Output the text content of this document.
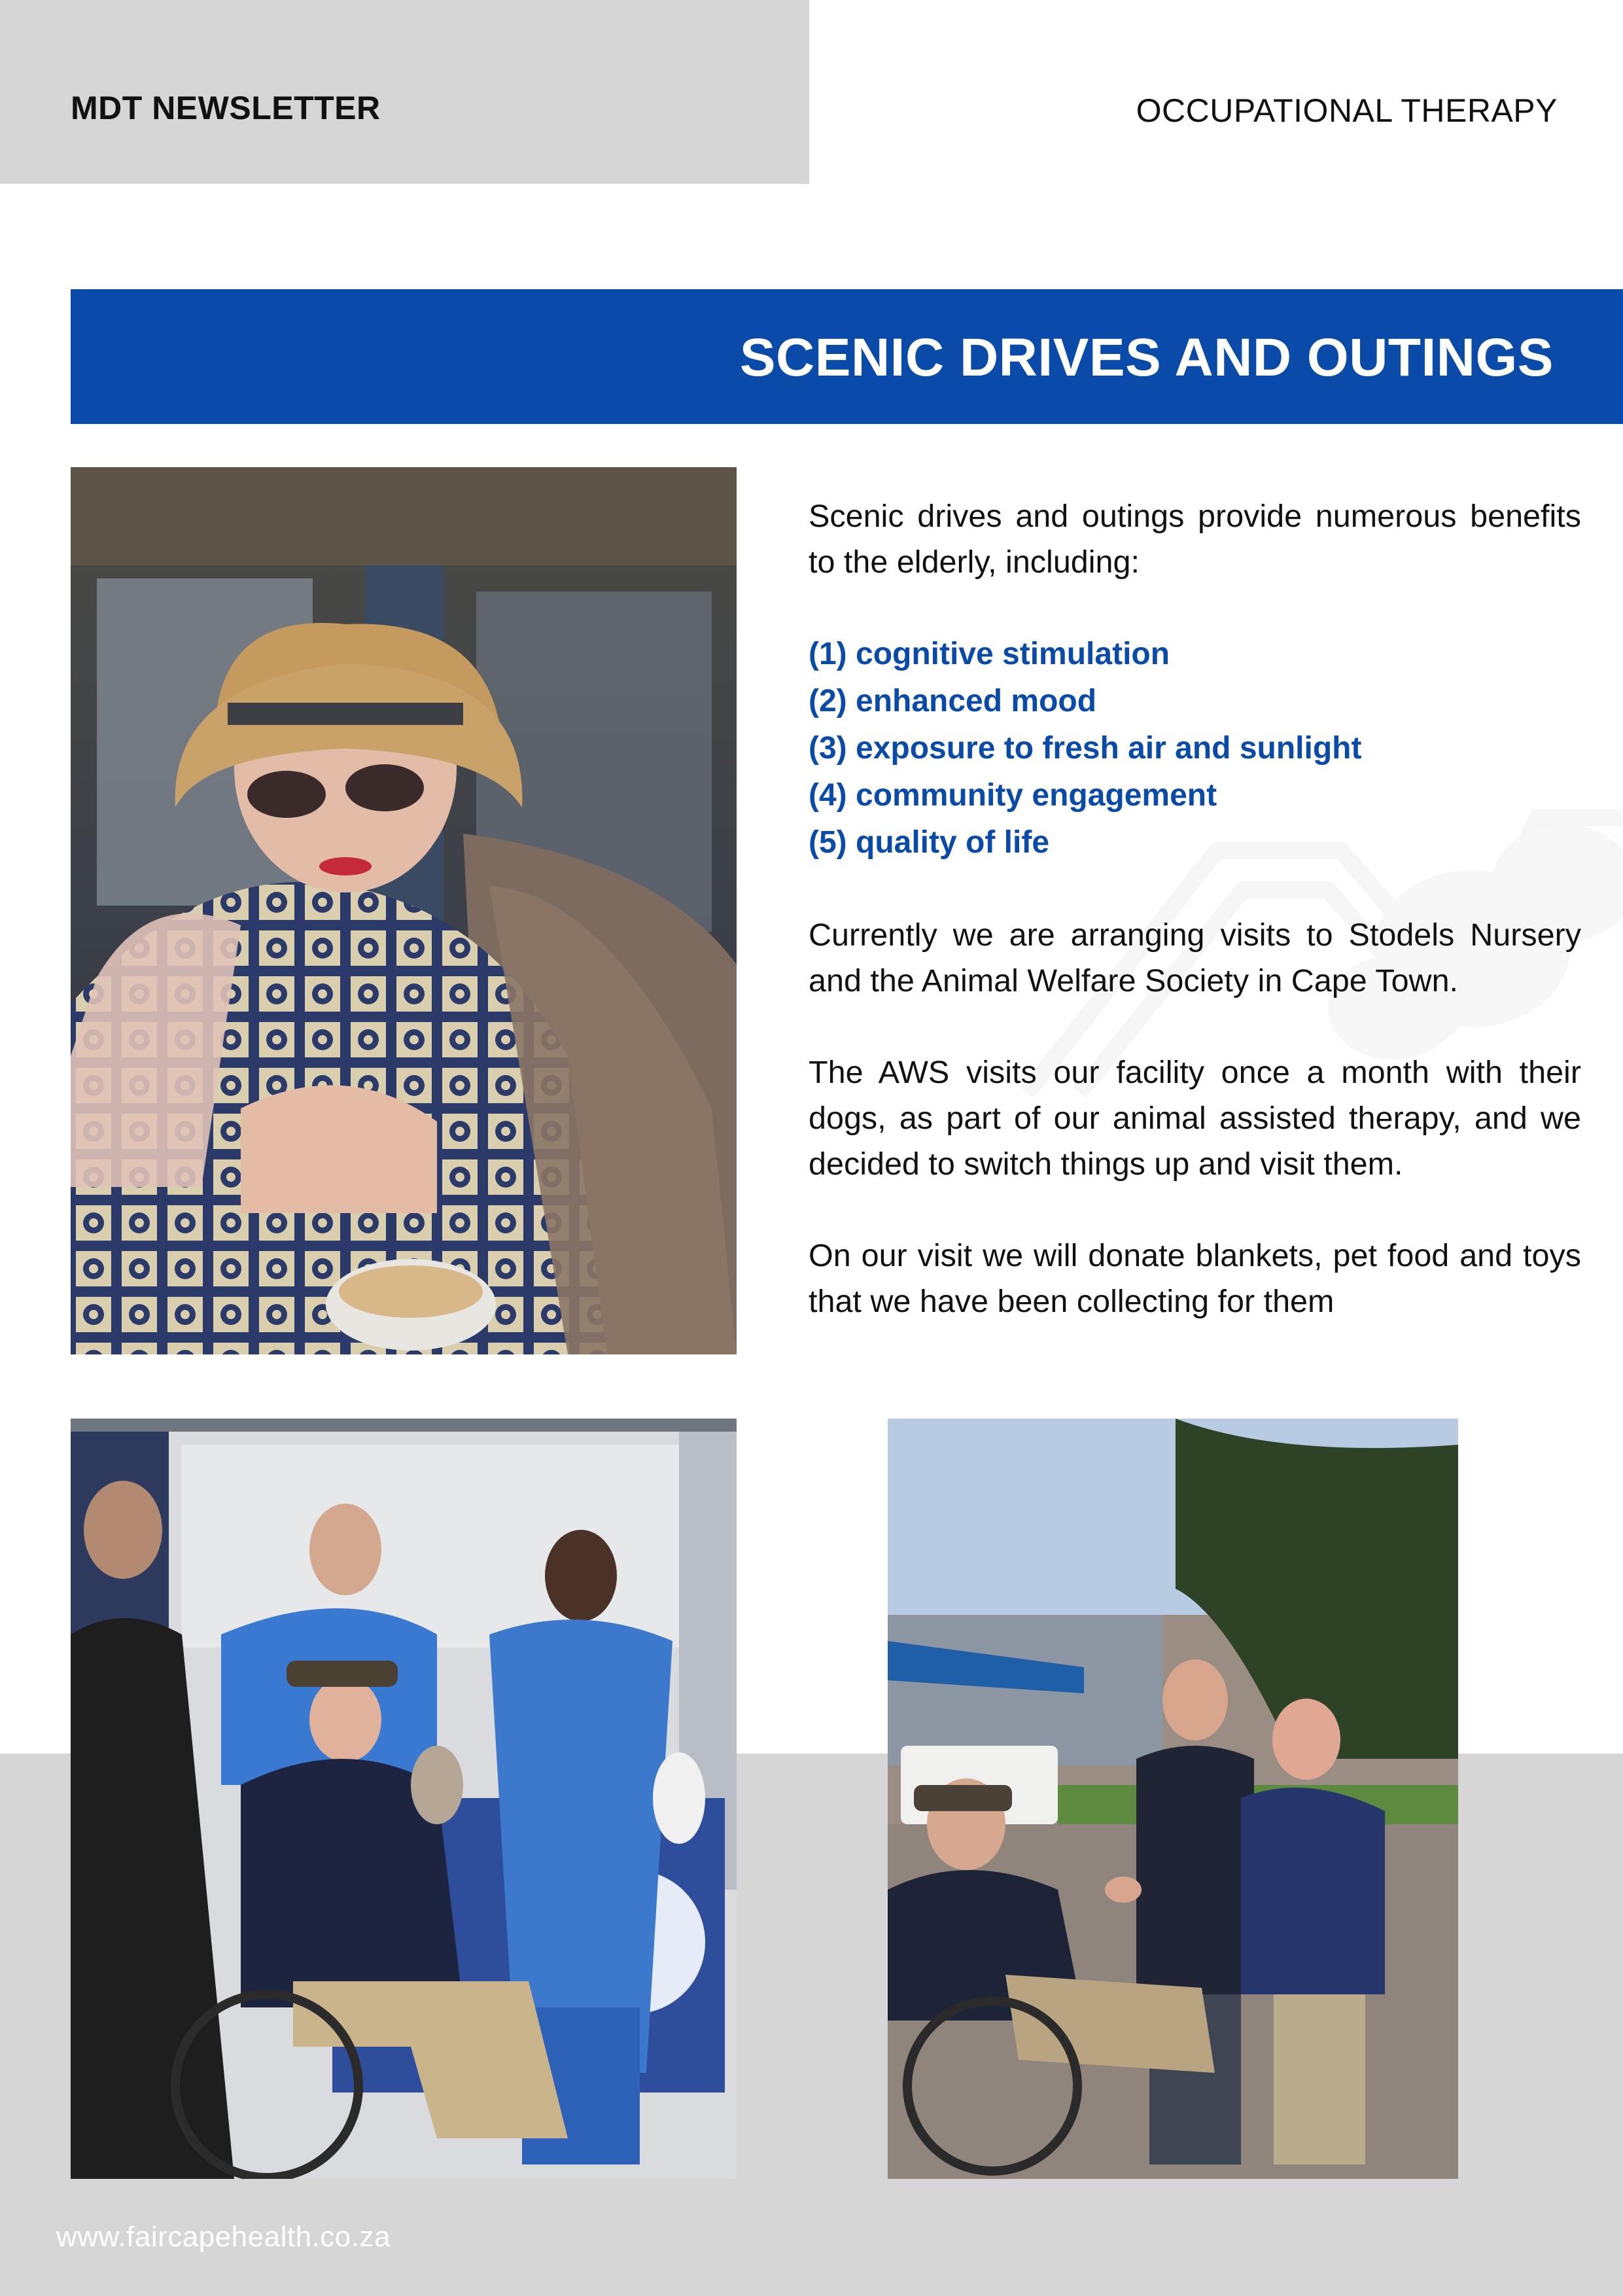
MDT NEWSLETTER	OCCUPATIONAL THERAPY
SCENIC DRIVES AND OUTINGS

Scenic drives and outings provide numerous benefits to the elderly, including:

(1) cognitive stimulation
(2) enhanced mood
(3) exposure to fresh air and sunlight
(4) community engagement
(5) quality of life

Currently we are arranging visits to Stodels Nursery and the Animal Welfare Society in Cape Town.

The AWS visits our facility once a month with their dogs, as part of our animal assisted therapy, and we decided to switch things up and visit them.

On our visit we will donate blankets, pet food and toys that we have been collecting for them

www.faircapehealth.co.za
